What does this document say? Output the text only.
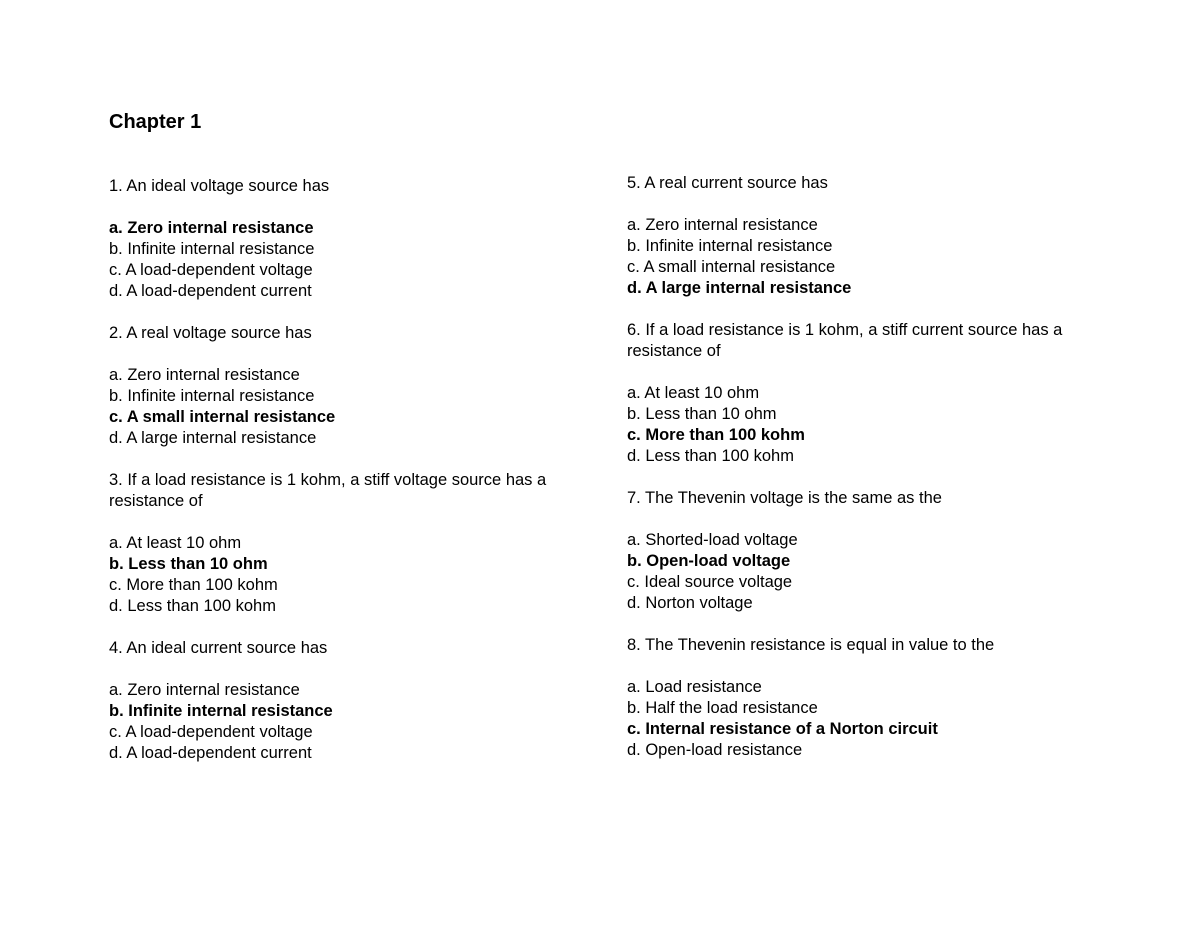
Chapter 1

1. An ideal voltage source has

a. Zero internal resistance
b. Infinite internal resistance
c. A load-dependent voltage
d. A load-dependent current

2. A real voltage source has

a. Zero internal resistance
b. Infinite internal resistance
c. A small internal resistance
d. A large internal resistance

3. If a load resistance is 1 kohm, a stiff voltage source has a resistance of

a. At least 10 ohm
b. Less than 10 ohm
c. More than 100 kohm
d. Less than 100 kohm

4. An ideal current source has

a. Zero internal resistance
b. Infinite internal resistance
c. A load-dependent voltage
d. A load-dependent current

5. A real current source has

a. Zero internal resistance
b. Infinite internal resistance
c. A small internal resistance
d. A large internal resistance

6. If a load resistance is 1 kohm, a stiff current source has a resistance of

a. At least 10 ohm
b. Less than 10 ohm
c. More than 100 kohm
d. Less than 100 kohm

7. The Thevenin voltage is the same as the

a. Shorted-load voltage
b. Open-load voltage
c. Ideal source voltage
d. Norton voltage

8. The Thevenin resistance is equal in value to the

a. Load resistance
b. Half the load resistance
c. Internal resistance of a Norton circuit
d. Open-load resistance
